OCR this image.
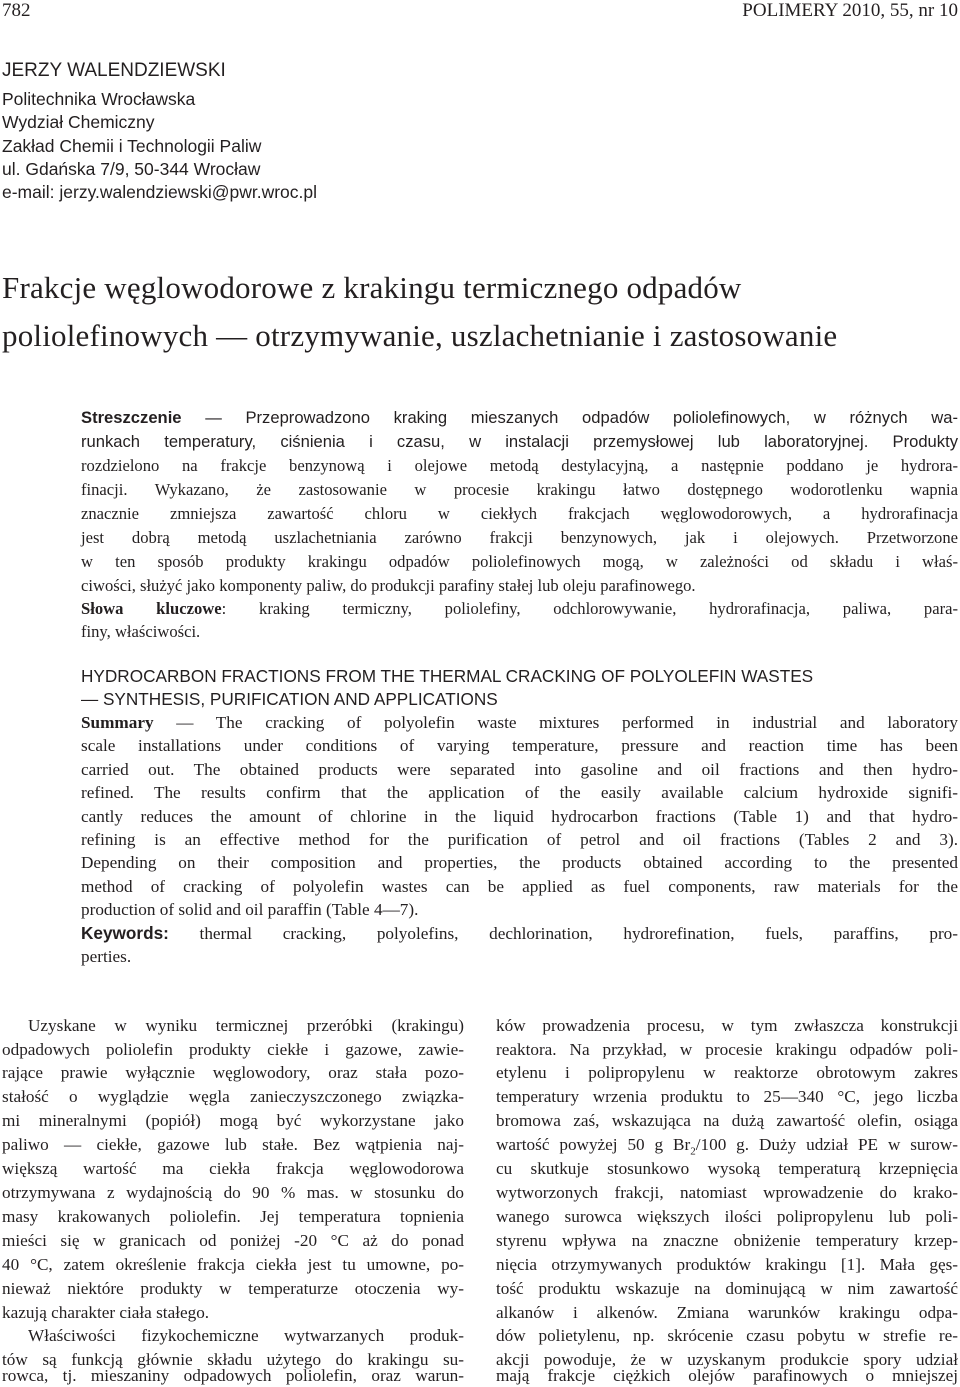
782	POLIMERY 2010, 55, nr 10
JERZY WALENDZIEWSKI
Politechnika Wrocławska
Wydział Chemiczny
Zakład Chemii i Technologii Paliw
ul. Gdańska 7/9, 50-344 Wrocław
e-mail: jerzy.walendziewski@pwr.wroc.pl
Frakcje węglowodorowe z krakingu termicznego odpadów
poliolefinowych — otrzymywanie, uszlachetnianie i zastosowanie
Streszczenie — Przeprowadzono kraking mieszanych odpadów poliolefinowych, w różnych wa-
runkach temperatury, ciśnienia i czasu, w instalacji przemysłowej lub laboratoryjnej. Produkty
rozdzielono na frakcje benzynową i olejowe metodą destylacyjną, a następnie poddano je hydrora-
finacji. Wykazano, że zastosowanie w procesie krakingu łatwo dostępnego wodorotlenku wapnia
znacznie zmniejsza zawartość chloru w ciekłych frakcjach węglowodorowych, a hydrorafinacja
jest dobrą metodą uszlachetniania zarówno frakcji benzynowych, jak i olejowych. Przetworzone
w ten sposób produkty krakingu odpadów poliolefinowych mogą, w zależności od składu i właś-
ciwości, służyć jako komponenty paliw, do produkcji parafiny stałej lub oleju parafinowego.
Słowa kluczowe: kraking termiczny, poliolefiny, odchlorowywanie, hydrorafinacja, paliwa, para-
finy, właściwości.
HYDROCARBON FRACTIONS FROM THE THERMAL CRACKING OF POLYOLEFIN WASTES
— SYNTHESIS, PURIFICATION AND APPLICATIONS
Summary — The cracking of polyolefin waste mixtures performed in industrial and laboratory
scale installations under conditions of varying temperature, pressure and reaction time has been
carried out. The obtained products were separated into gasoline and oil fractions and then hydro-
refined. The results confirm that the application of the easily available calcium hydroxide signifi-
cantly reduces the amount of chlorine in the liquid hydrocarbon fractions (Table 1) and that hydro-
refining is an effective method for the purification of petrol and oil fractions (Tables 2 and 3).
Depending on their composition and properties, the products obtained according to the presented
method of cracking of polyolefin wastes can be applied as fuel components, raw materials for the
production of solid and oil paraffin (Table 4—7).
Keywords: thermal cracking, polyolefins, dechlorination, hydrorefination, fuels, paraffins, pro-
perties.
Uzyskane w wyniku termicznej przeróbki (krakingu)
odpadowych poliolefin produkty ciekłe i gazowe, zawie-
rające prawie wyłącznie węglowodory, oraz stała pozo-
stałość o wyglądzie węgla zanieczyszczonego związka-
mi mineralnymi (popiół) mogą być wykorzystane jako
paliwo — ciekłe, gazowe lub stałe. Bez wątpienia naj-
większą wartość ma ciekła frakcja węglowodorowa
otrzymywana z wydajnością do 90 % mas. w stosunku do
masy krakowanych poliolefin. Jej temperatura topnienia
mieści się w granicach od poniżej -20 °C aż do ponad
40 °C, zatem określenie frakcja ciekła jest tu umowne, po-
nieważ niektóre produkty w temperaturze otoczenia wy-
kazują charakter ciała stałego.
Właściwości fizykochemiczne wytwarzanych produk-
tów są funkcją głównie składu użytego do krakingu su-
rowca, tj. mieszaniny odpadowych poliolefin, oraz warun-
ków prowadzenia procesu, w tym zwłaszcza konstrukcji
reaktora. Na przykład, w procesie krakingu odpadów poli-
etylenu i polipropylenu w reaktorze obrotowym zakres
temperatury wrzenia produktu to 25—340 °C, jego liczba
bromowa zaś, wskazująca na dużą zawartość olefin, osiąga
wartość powyżej 50 g $Br_2/100$ g. Duży udział PE w surow-
cu skutkuje stosunkowo wysoką temperaturą krzepnięcia
wytworzonych frakcji, natomiast wprowadzenie do krako-
wanego surowca większych ilości polipropylenu lub poli-
styrenu wpływa na znaczne obniżenie temperatury krzep-
nięcia otrzymywanych produktów krakingu [1]. Mała gęs-
tość produktu wskazuje na dominującą w nim zawartość
alkanów i alkenów. Zmiana warunków krakingu odpa-
dów polietylenu, np. skrócenie czasu pobytu w strefie re-
akcji powoduje, że w uzyskanym produkcie spory udział
mają frakcje ciężkich olejów parafinowych o mniejszej
